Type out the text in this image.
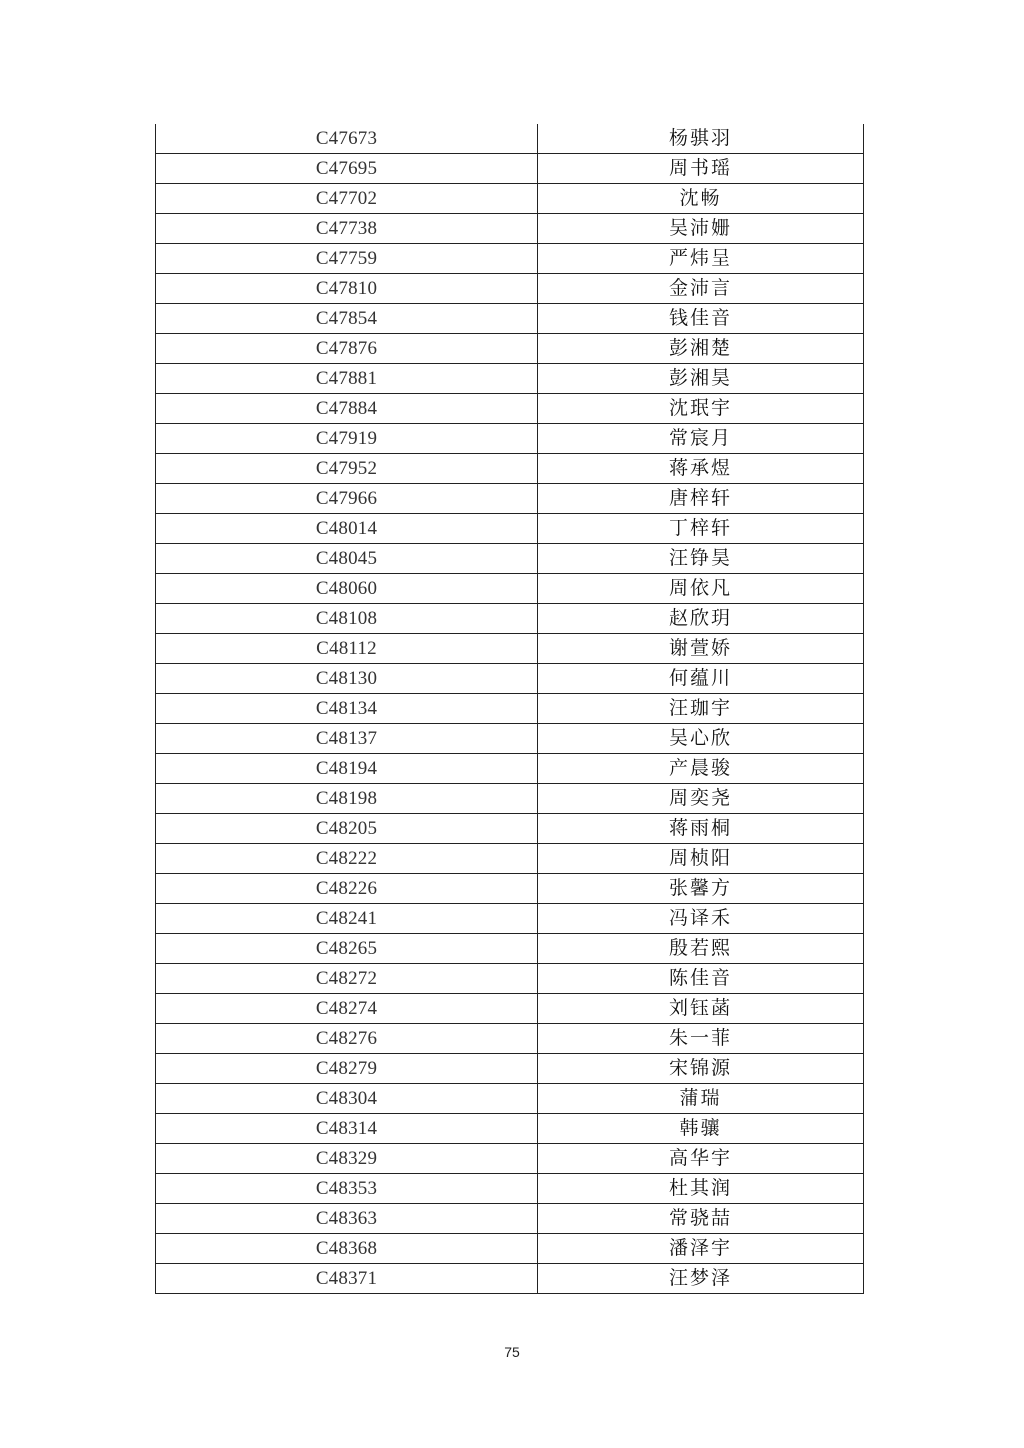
C47673	杨骐羽
C47695	周书瑶
C47702	沈畅
C47738	吴沛姗
C47759	严炜呈
C47810	金沛言
C47854	钱佳音
C47876	彭湘楚
C47881	彭湘昊
C47884	沈珉宇
C47919	常宸月
C47952	蒋承煜
C47966	唐梓轩
C48014	丁梓轩
C48045	汪铮昊
C48060	周依凡
C48108	赵欣玥
C48112	谢萱娇
C48130	何蕴川
C48134	汪珈宇
C48137	吴心欣
C48194	产晨骏
C48198	周奕尧
C48205	蒋雨桐
C48222	周桢阳
C48226	张馨方
C48241	冯译禾
C48265	殷若熙
C48272	陈佳音
C48274	刘钰菡
C48276	朱一菲
C48279	宋锦源
C48304	蒲瑞
C48314	韩骧
C48329	高华宇
C48353	杜其润
C48363	常骁喆
C48368	潘泽宇
C48371	汪梦泽
75
